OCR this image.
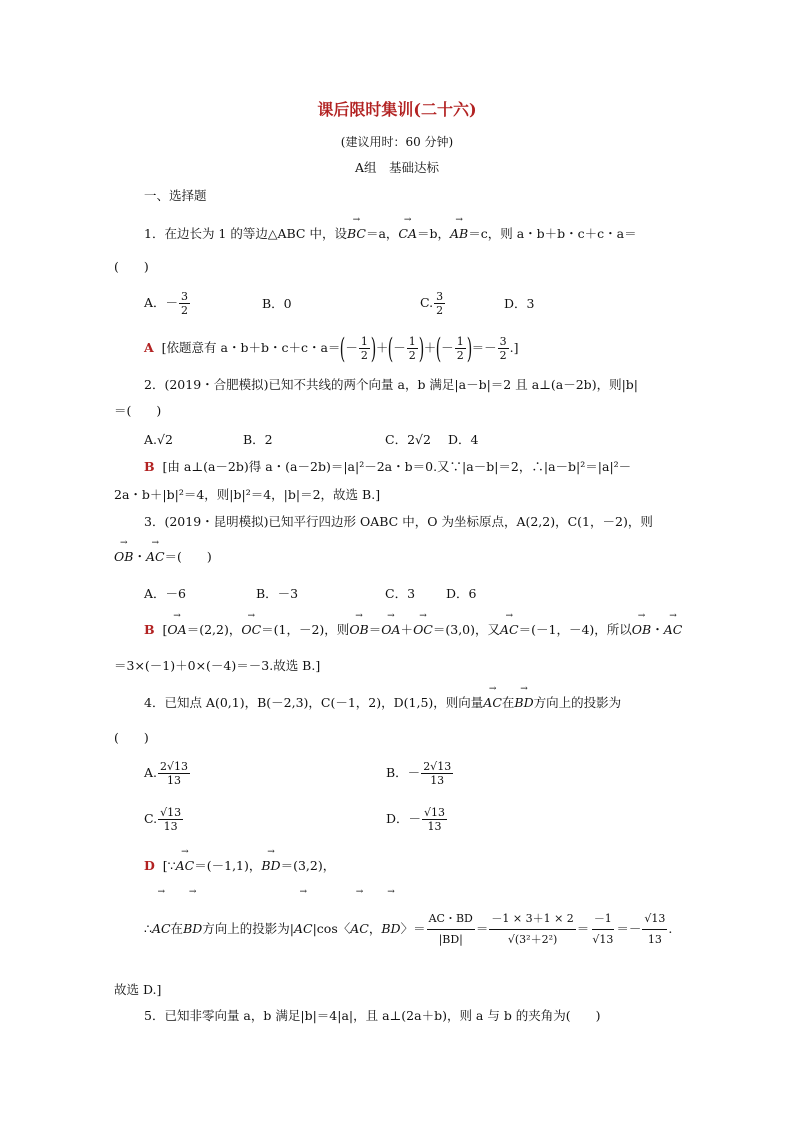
课后限时集训(二十六)
(建议用时：60 分钟)
A组　基础达标
一、选择题
1．在边长为 1 的等边△ABC 中，设→ BC＝a，→ CA＝b，→ AB＝c，则 a・b＋b・c＋c・a＝
(　　)
A．－ $\frac{3}{2}$	B．0	C. $\frac{3}{2}$	D．3
A [依题意有 a・b＋b・c＋c・$a=(- \frac{1}{2}$ )＋(－ $\frac{1}{2}$ )＋(－ $\frac{1}{2}$ )＝－ $\frac{3}{2}$ .]
2．(2019・合肥模拟)已知不共线的两个向量 a，b 满足|a－b|＝2 且 a⊥(a－2b)，则|b|
＝(　　)
A.√2	B．2	C．2√2 D．4
B [由 a⊥(a－2b)得 a・(a－2b)＝|a|²－2a・b＝0.又∵|a－b|＝2，∴|a－b|²＝|a|²－
2a・b＋|b|²＝4，则|b|²＝4，|b|＝2，故选 B.]
3．(2019・昆明模拟)已知平行四边形 OABC 中，O 为坐标原点，A(2,2)，C(1，－2)，则
→ OB・→ AC＝(　　)
A．－6	B．－3	C．3 D．6
B  [→ OA＝(2,2)，→ OC＝(1，－2)，则→ OB＝→ OA＋→ OC＝(3,0)，又→ AC＝(－1，－4)，所以→ OB・→ AC
＝3×(－1)＋0×(－4)＝－3.故选 B.]
4．已知点 A(0,1)，B(－2,3)，C(－1，2)，D(1,5)，则向量→ AC在→ BD方向上的投影为
(　　)
A. $\frac{2√13}{13}$	B．－ $\frac{2√13}{13}$
C. $\frac{√13}{13}$	D．－ $\frac{√13}{13}$
D [∵→ AC＝(－1,1)，→ BD＝(3,2)，
∴→ AC在→ BD方向上的投影为|→ AC|cos〈→ AC，→ BD〉＝ $\frac{AC・BD}{|BD|} = \frac{-1 \times 3+1 \times 2}{\text{√(3²＋2²)}} = \frac{-1}{√13} =- \frac{√13}{13}$ .
故选 D.]
5．已知非零向量 a，b 满足|b|＝4|a|，且 a⊥(2a＋b)，则 a 与 b 的夹角为(　　)
